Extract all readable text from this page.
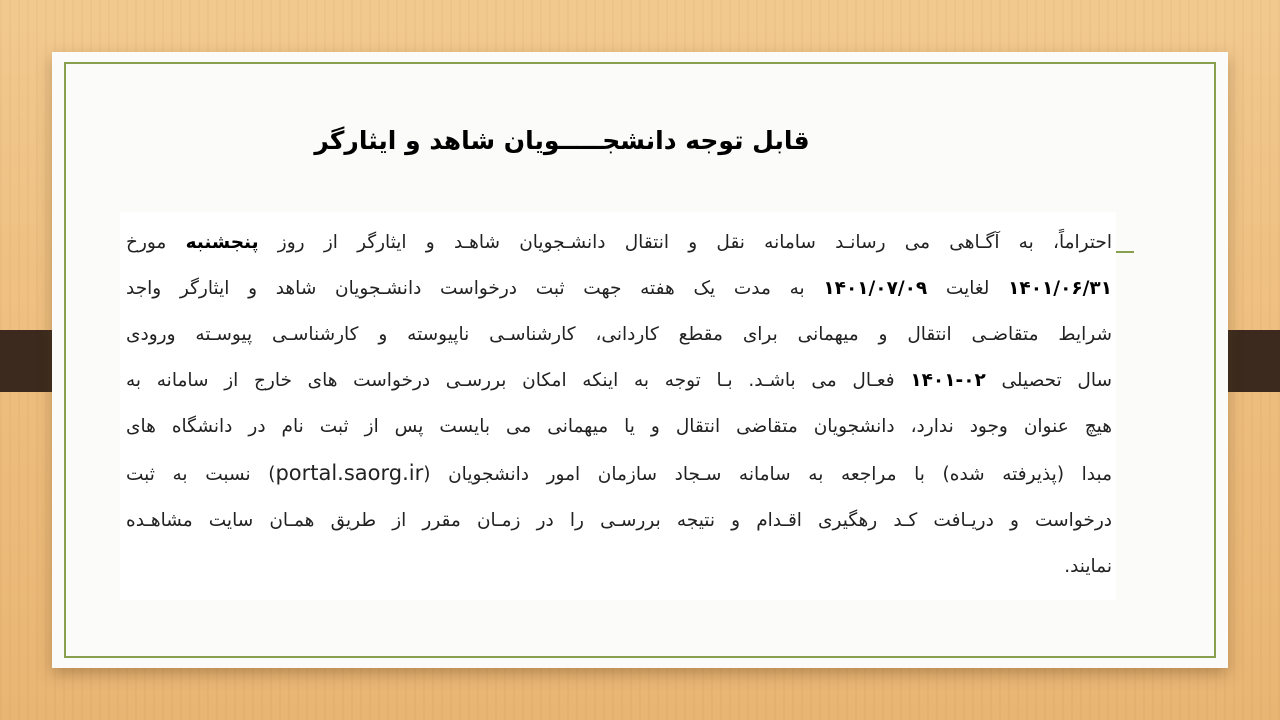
قابل توجه دانشجـــــویان شاهد و ایثارگر
احتراماً، به آگـاهی می رسانـد سامانه نقل و انتقال دانشـجویان شاهـد و ایثارگر از روز پنجشنبه مورخ
۱۴۰۱/۰۶/۳۱ لغایت ۱۴۰۱/۰۷/۰۹ به مدت یک هفته جهت ثبت درخواست دانشـجویان شاهد و ایثارگر واجد
شرایط متقاضـی انتقال و میهمانی برای مقطع کاردانی، کارشناسـی ناپیوسته و کارشناسـی پیوسـته ورودی
سال تحصیلی ۰۲-۱۴۰۱ فعـال می باشـد. بـا توجه به اینکه امکان بررسـی درخواست های خارج از سامانه به
هیچ عنوان وجود ندارد، دانشجویان متقاضی انتقال و یا میهمانی می بایست پس از ثبت نام در دانشگاه های
مبدا (پذیرفته شده) با مراجعه به سامانه سـجاد سازمان امور دانشجویان (portal.saorg.ir) نسبت به ثبت
درخواست و دریـافت کـد رهگیری اقـدام و نتیجه بررسـی را در زمـان مقرر از طریق همـان سایت مشاهـده
نمایند.
